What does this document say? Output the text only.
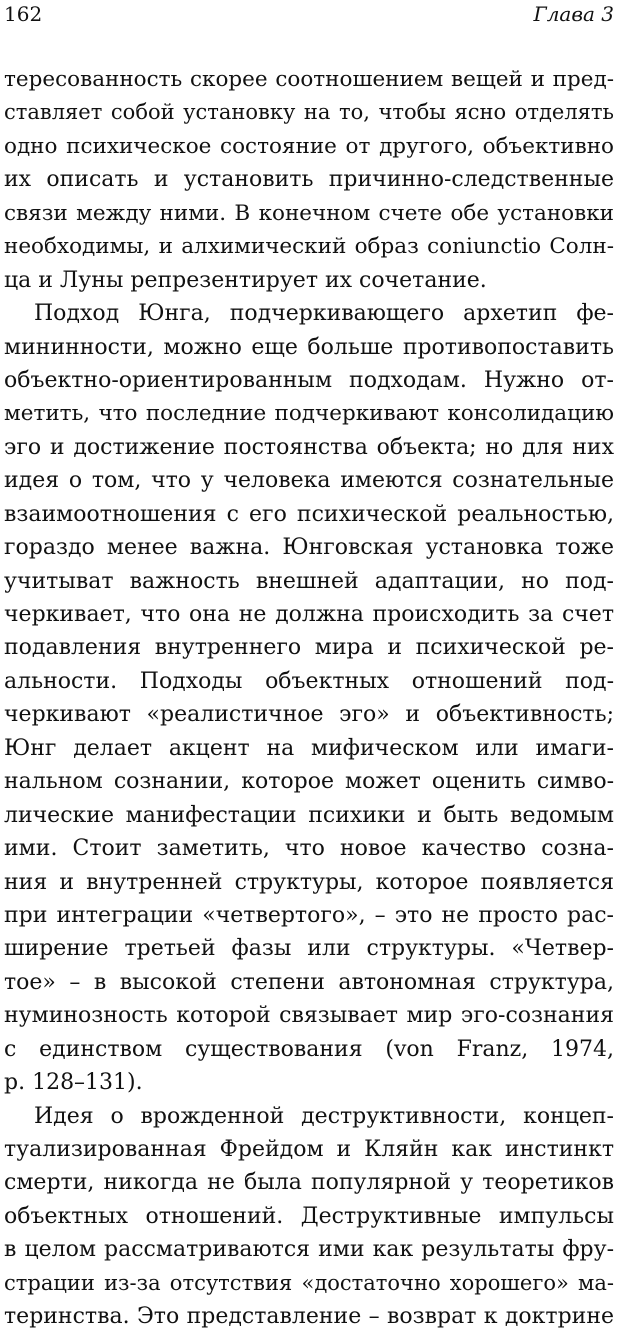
162	Глава 3
тересованность скорее соотношением вещей и пред-
ставляет собой установку на то, чтобы ясно отделять
одно психическое состояние от другого, объективно
их описать и установить причинно-следственные
связи между ними. В конечном счете обе установки
необходимы, и алхимический образ coniunctio Солн-
ца и Луны репрезентирует их сочетание.
Подход Юнга, подчеркивающего архетип фе-
мининности, можно еще больше противопоставить
объектно-ориентированным подходам. Нужно от-
метить, что последние подчеркивают консолидацию
эго и достижение постоянства объекта; но для них
идея о том, что у человека имеются сознательные
взаимоотношения с его психической реальностью,
гораздо менее важна. Юнговская установка тоже
учитыват важность внешней адаптации, но под-
черкивает, что она не должна происходить за счет
подавления внутреннего мира и психической ре-
альности. Подходы объектных отношений под-
черкивают «реалистичное эго» и объективность;
Юнг делает акцент на мифическом или имаги-
нальном сознании, которое может оценить симво-
лические манифестации психики и быть ведомым
ими. Стоит заметить, что новое качество созна-
ния и внутренней структуры, которое появляется
при интеграции «четвертого», – это не просто рас-
ширение третьей фазы или структуры. «Четвер-
тое» – в высокой степени автономная структура,
нуминозность которой связывает мир эго-сознания
с единством существования (von Franz, 1974,
p. 128–131).
Идея о врожденной деструктивности, концеп-
туализированная Фрейдом и Кляйн как инстинкт
смерти, никогда не была популярной у теоретиков
объектных отношений. Деструктивные импульсы
в целом рассматриваются ими как результаты фру-
страции из-за отсутствия «достаточно хорошего» ма-
теринства. Это представление – возврат к доктрине
